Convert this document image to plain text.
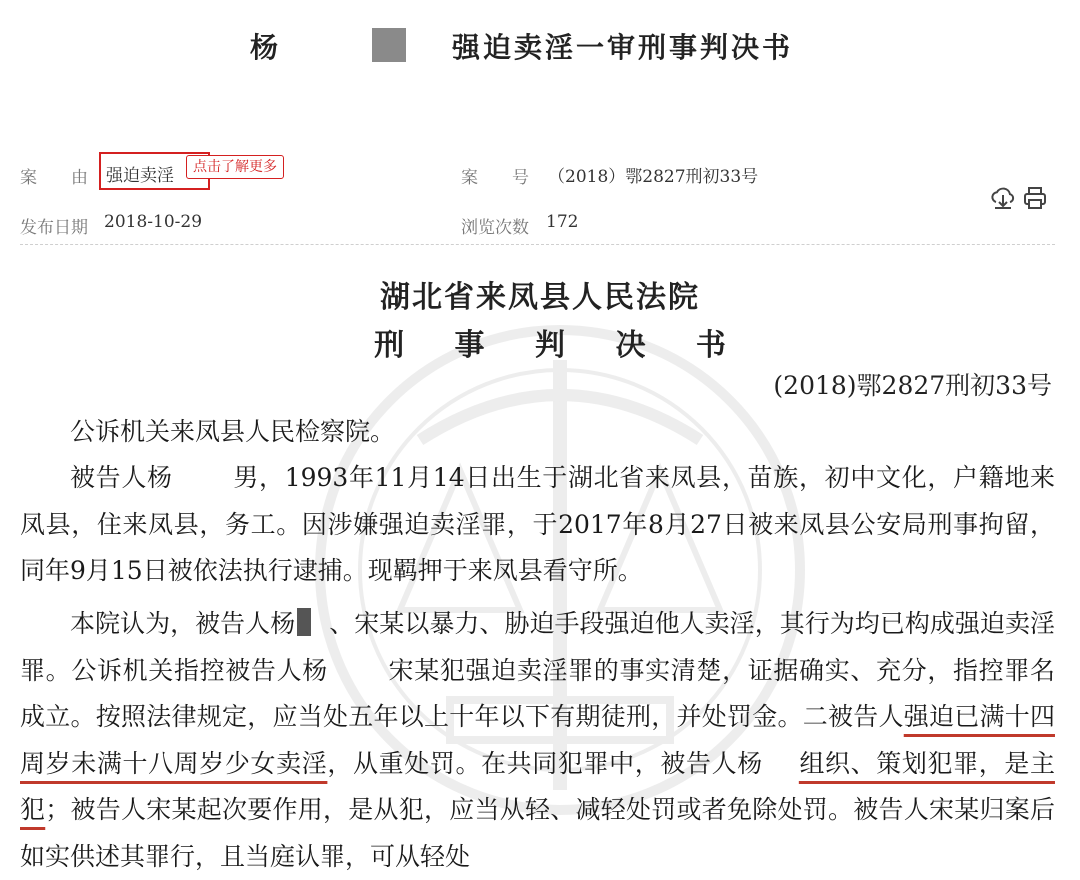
杨	强迫卖淫一审刑事判决书
案　　由 强迫卖淫	点击了解更多
案　　号 （2018）鄂2827刑初33号
发布日期 2018-10-29	浏览次数 172
湖北省来凤县人民法院
刑 事 判 决 书
(2018)鄂2827刑初33号
公诉机关来凤县人民检察院。
被告人杨 男，1993年11月14日出生于湖北省来凤县，苗族，初中文化，户籍地来凤县，住来凤县，务工。因涉嫌强迫卖淫罪，于2017年8月27日被来凤县公安局刑事拘留，同年9月15日被依法执行逮捕。现羁押于来凤县看守所。
本院认为，被告人杨 、宋某以暴力、胁迫手段强迫他人卖淫，其行为均已构成强迫卖淫罪。公诉机关指控被告人杨 宋某犯强迫卖淫罪的事实清楚，证据确实、充分，指控罪名成立。按照法律规定，应当处五年以上十年以下有期徒刑，并处罚金。二被告人强迫已满十四周岁未满十八周岁少女卖淫，从重处罚。在共同犯罪中，被告人杨 组织、策划犯罪，是主犯；被告人宋某起次要作用，是从犯，应当从轻、减轻处罚或者免除处罚。被告人宋某归案后如实供述其罪行，且当庭认罪，可从轻处
